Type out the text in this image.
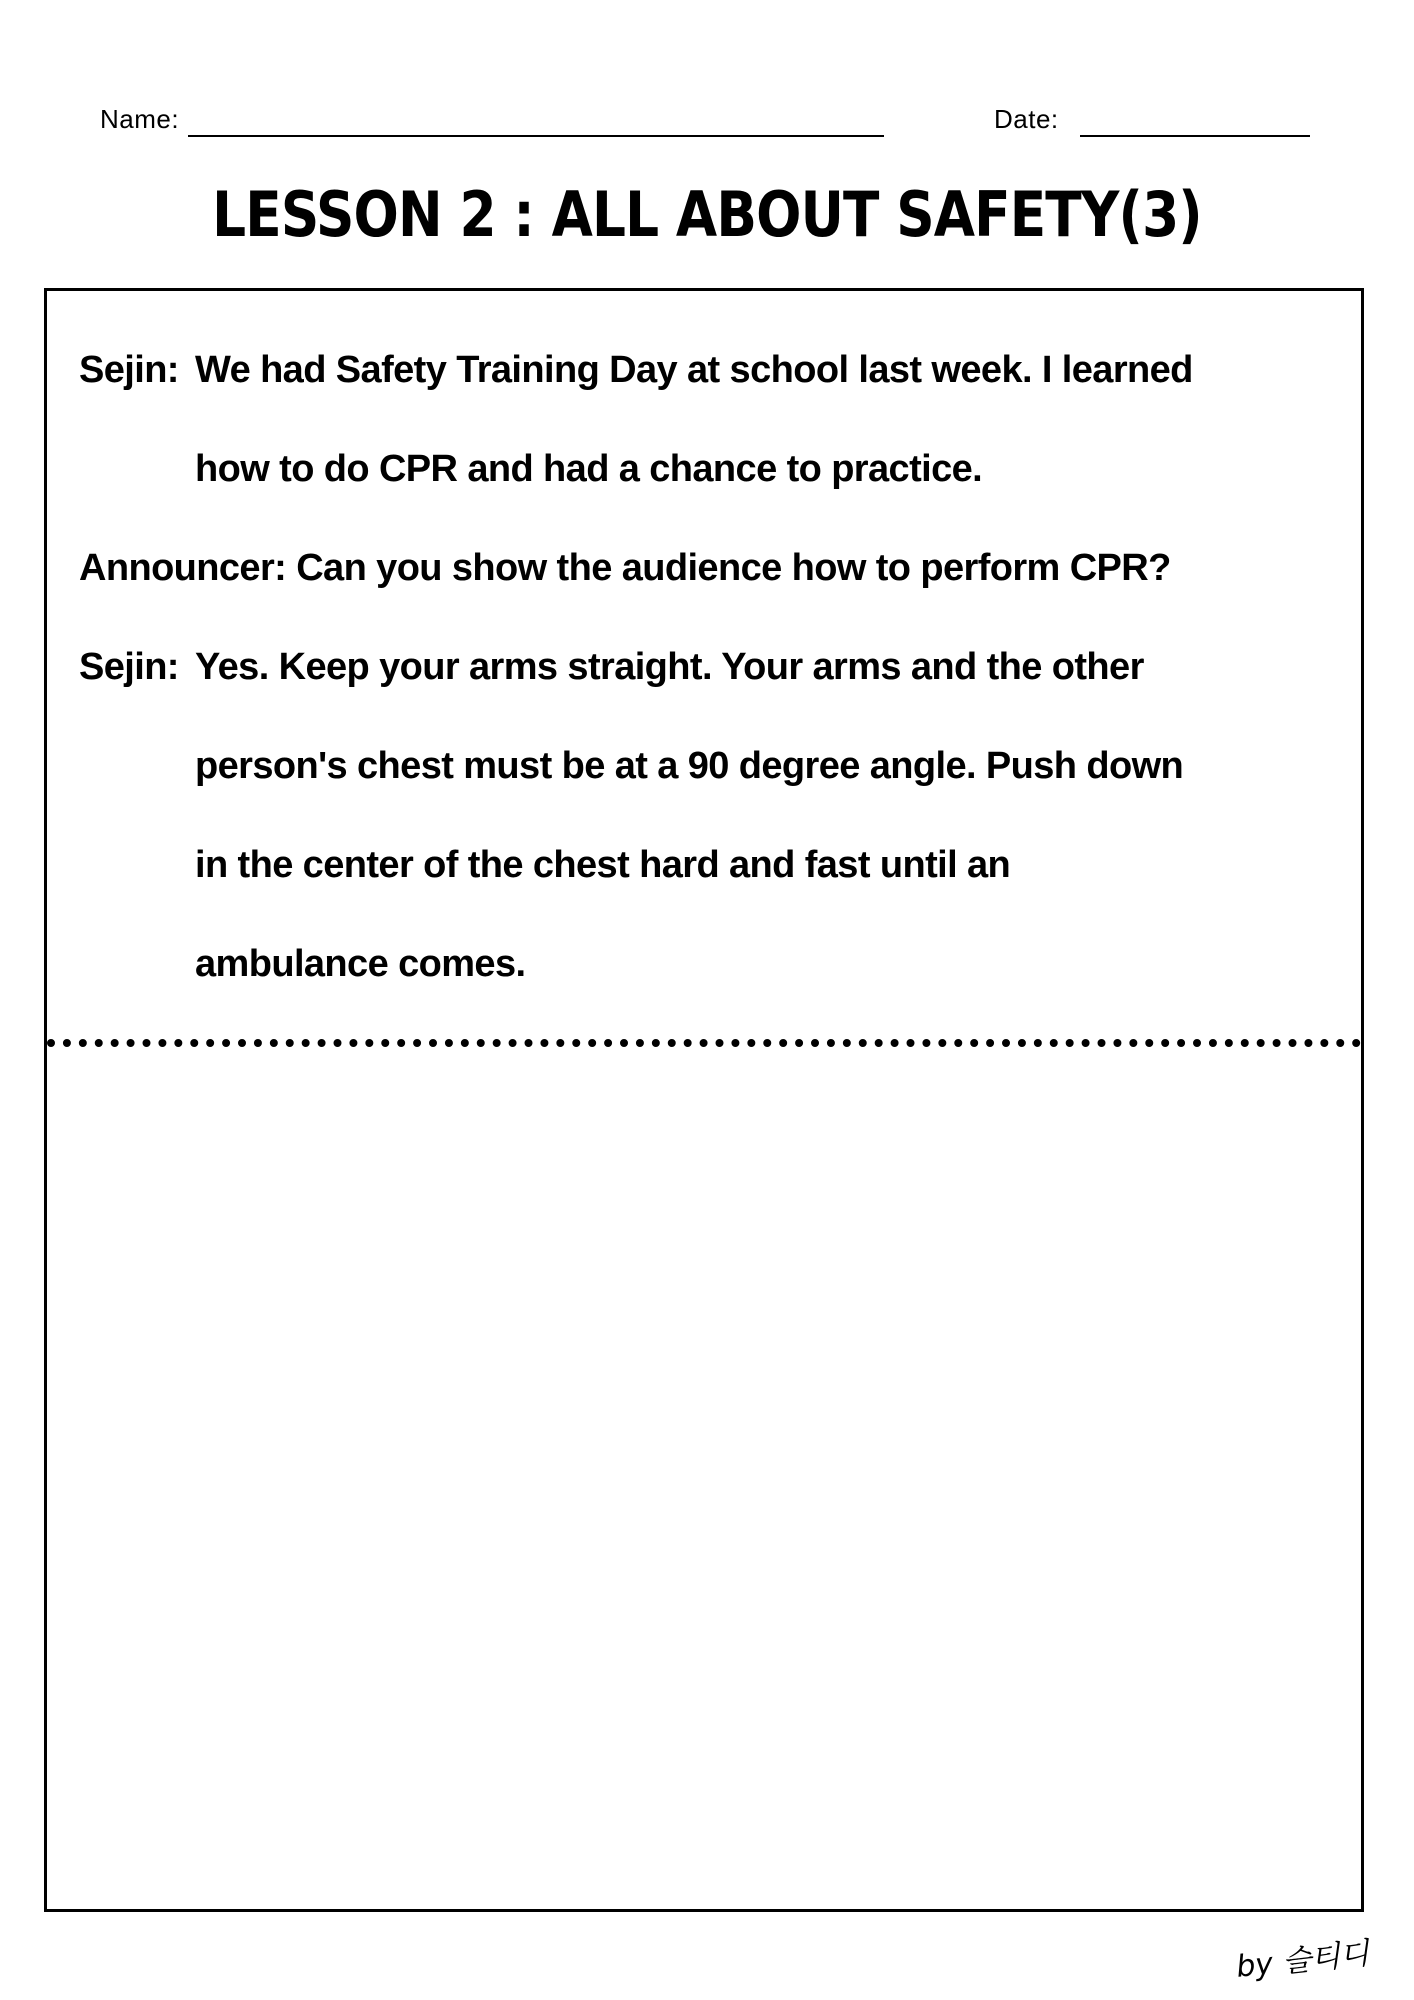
Name:	Date:
LESSON 2 : ALL ABOUT SAFETY(3)
Sejin: We had Safety Training Day at school last week. I learned
how to do CPR and had a chance to practice.
Announcer: Can you show the audience how to perform CPR?
Sejin: Yes. Keep your arms straight. Your arms and the other
person's chest must be at a 90 degree angle. Push down
in the center of the chest hard and fast until an
ambulance comes.
by 슬티디
